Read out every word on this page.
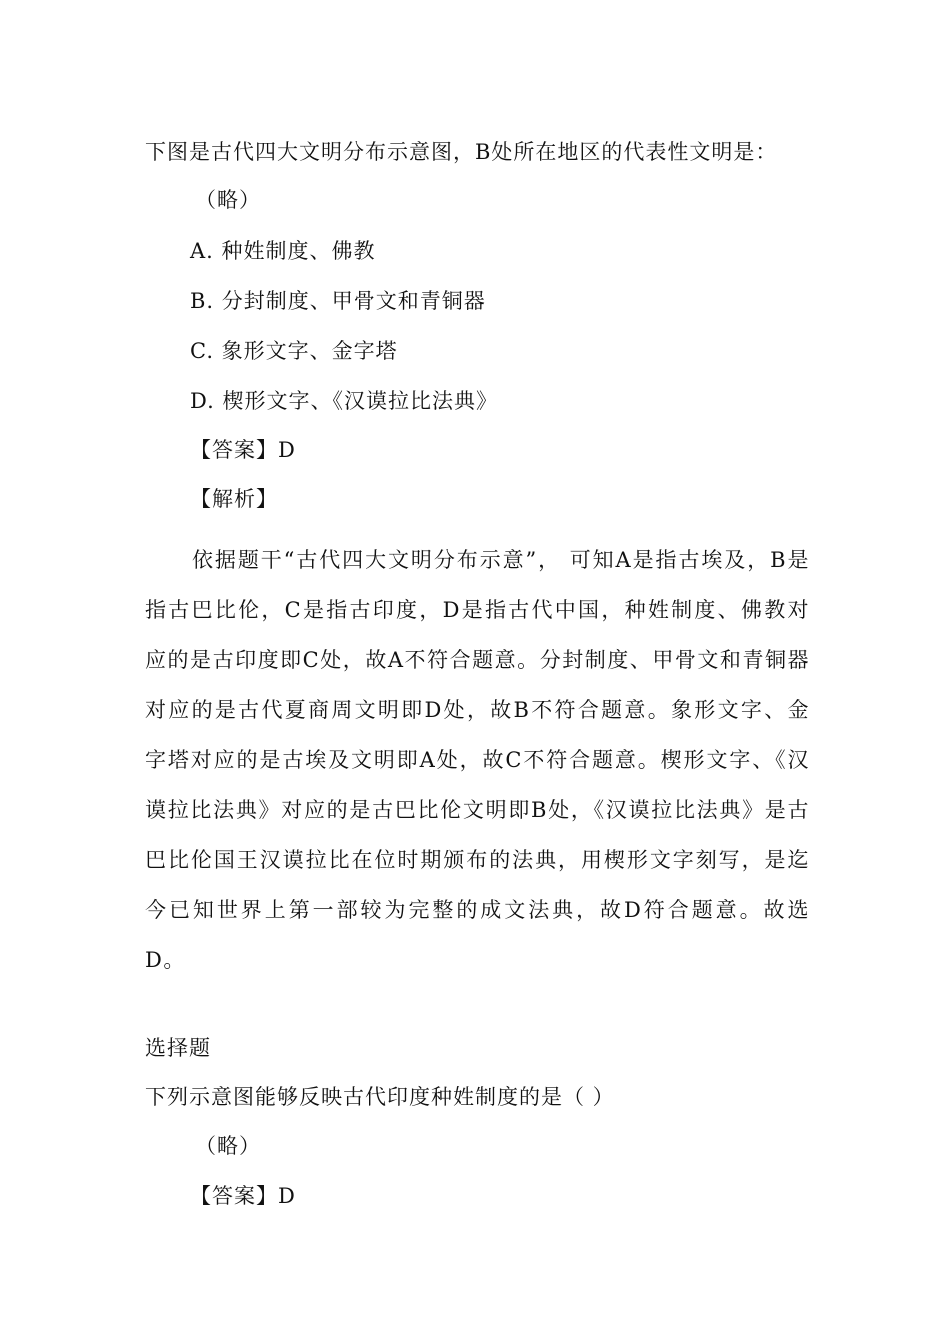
下图是古代四大文明分布示意图，B处所在地区的代表性文明是：
（略）
A. 种姓制度、佛教
B. 分封制度、甲骨文和青铜器
C. 象形文字、金字塔
D. 楔形文字、《汉谟拉比法典》
【答案】D
【解析】
依据题干“古代四大文明分布示意”， 可知A是指古埃及，B是指古巴比伦，C是指古印度，D是指古代中国，种姓制度、佛教对应的是古印度即C处，故A不符合题意。分封制度、甲骨文和青铜器对应的是古代夏商周文明即D处，故B不符合题意。象形文字、金字塔对应的是古埃及文明即A处，故C不符合题意。楔形文字、《汉谟拉比法典》对应的是古巴比伦文明即B处，《汉谟拉比法典》是古巴比伦国王汉谟拉比在位时期颁布的法典，用楔形文字刻写，是迄今已知世界上第一部较为完整的成文法典，故D符合题意。故选D。
选择题
下列示意图能够反映古代印度种姓制度的是（ ）
（略）
【答案】D
